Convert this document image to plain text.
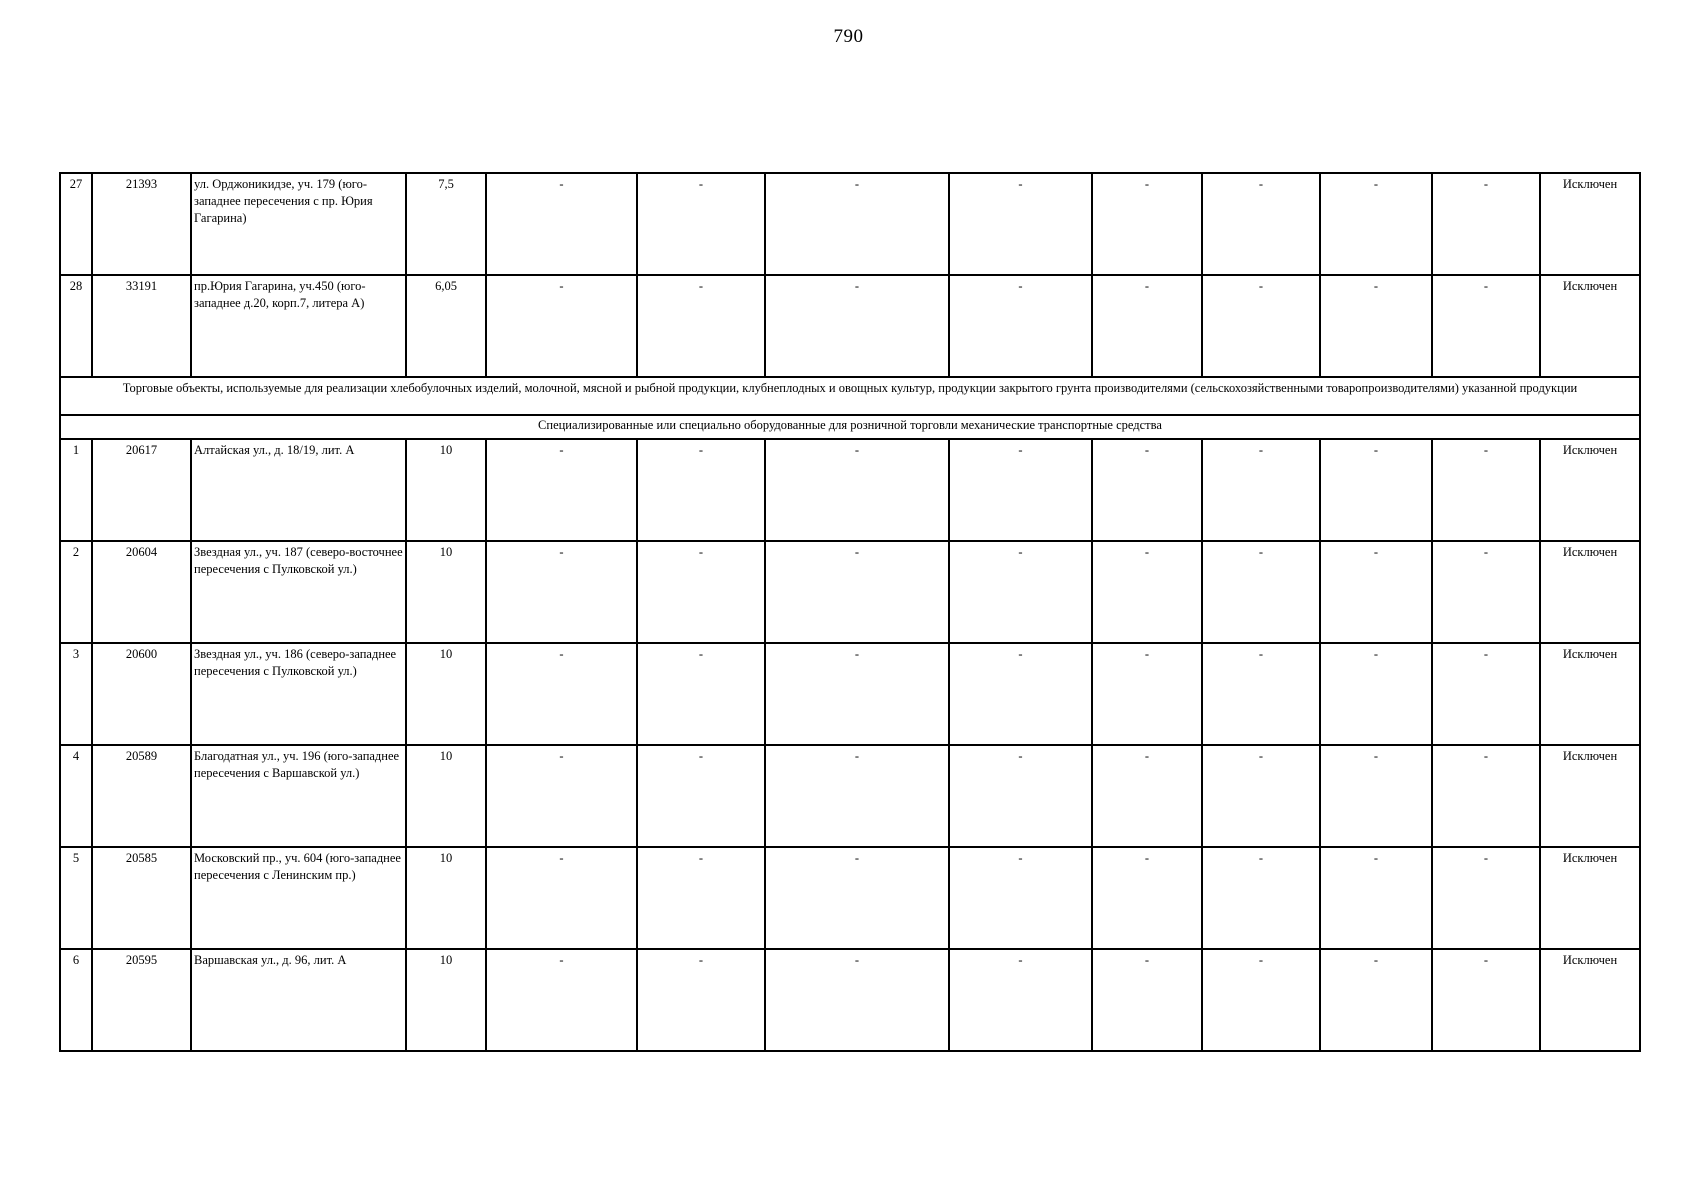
790
27	21393	ул. Орджоникидзе, уч. 179 (юго-западнее пересечения с пр. Юрия Гагарина)	7,5	-	-	-	-	-	-	-	-	Исключен
28	33191	пр.Юрия Гагарина, уч.450 (юго-западнее д.20, корп.7, литера А)	6,05	-	-	-	-	-	-	-	-	Исключен
Торговые объекты, используемые для реализации хлебобулочных изделий, молочной, мясной и рыбной продукции, клубнеплодных и овощных культур, продукции закрытого грунта производителями (сельскохозяйственными товаропроизводителями) указанной продукции												
Специализированные или специально оборудованные для розничной торговли механические транспортные средства												
1	20617	Алтайская ул., д. 18/19, лит. А	10	-	-	-	-	-	-	-	-	Исключен
2	20604	Звездная ул., уч. 187 (северо-восточнее пересечения с Пулковской ул.)	10	-	-	-	-	-	-	-	-	Исключен
3	20600	Звездная ул., уч. 186 (северо-западнее пересечения с Пулковской ул.)	10	-	-	-	-	-	-	-	-	Исключен
4	20589	Благодатная ул., уч. 196 (юго-западнее пересечения с Варшавской ул.)	10	-	-	-	-	-	-	-	-	Исключен
5	20585	Московский пр., уч. 604 (юго-западнее пересечения с Ленинским пр.)	10	-	-	-	-	-	-	-	-	Исключен
6	20595	Варшавская ул., д. 96, лит. А	10	-	-	-	-	-	-	-	-	Исключен
